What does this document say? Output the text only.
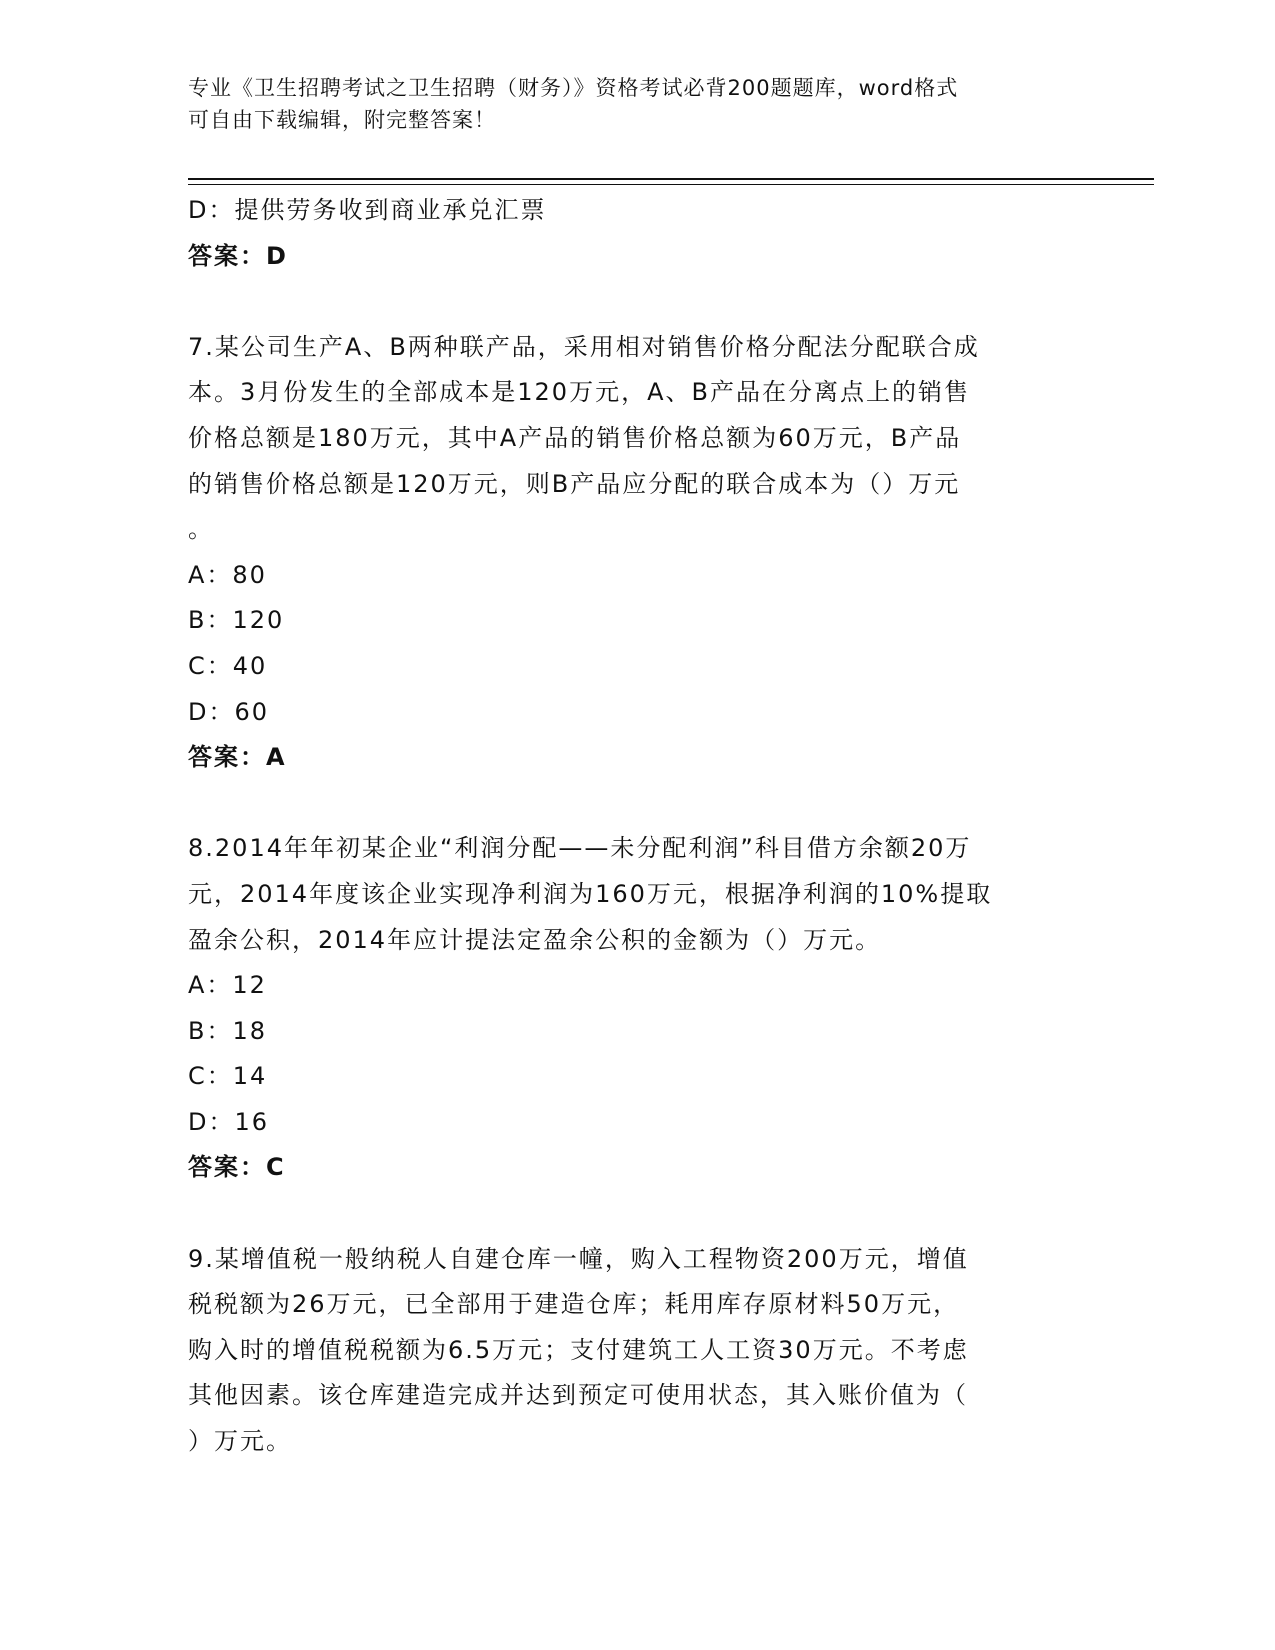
专业《卫生招聘考试之卫生招聘（财务）》资格考试必背200题题库，word格式
可自由下载编辑，附完整答案！
D：提供劳务收到商业承兑汇票
答案：D
7.某公司生产A、B两种联产品，采用相对销售价格分配法分配联合成
本。3月份发生的全部成本是120万元，A、B产品在分离点上的销售
价格总额是180万元，其中A产品的销售价格总额为60万元，B产品
的销售价格总额是120万元，则B产品应分配的联合成本为（）万元
。
A：80
B：120
C：40
D：60
答案：A
8.2014年年初某企业“利润分配——未分配利润”科目借方余额20万
元，2014年度该企业实现净利润为160万元，根据净利润的10%提取
盈余公积，2014年应计提法定盈余公积的金额为（）万元。
A：12
B：18
C：14
D：16
答案：C
9.某增值税一般纳税人自建仓库一幢，购入工程物资200万元，增值
税税额为26万元，已全部用于建造仓库；耗用库存原材料50万元，
购入时的增值税税额为6.5万元；支付建筑工人工资30万元。不考虑
其他因素。该仓库建造完成并达到预定可使用状态，其入账价值为（
）万元。
